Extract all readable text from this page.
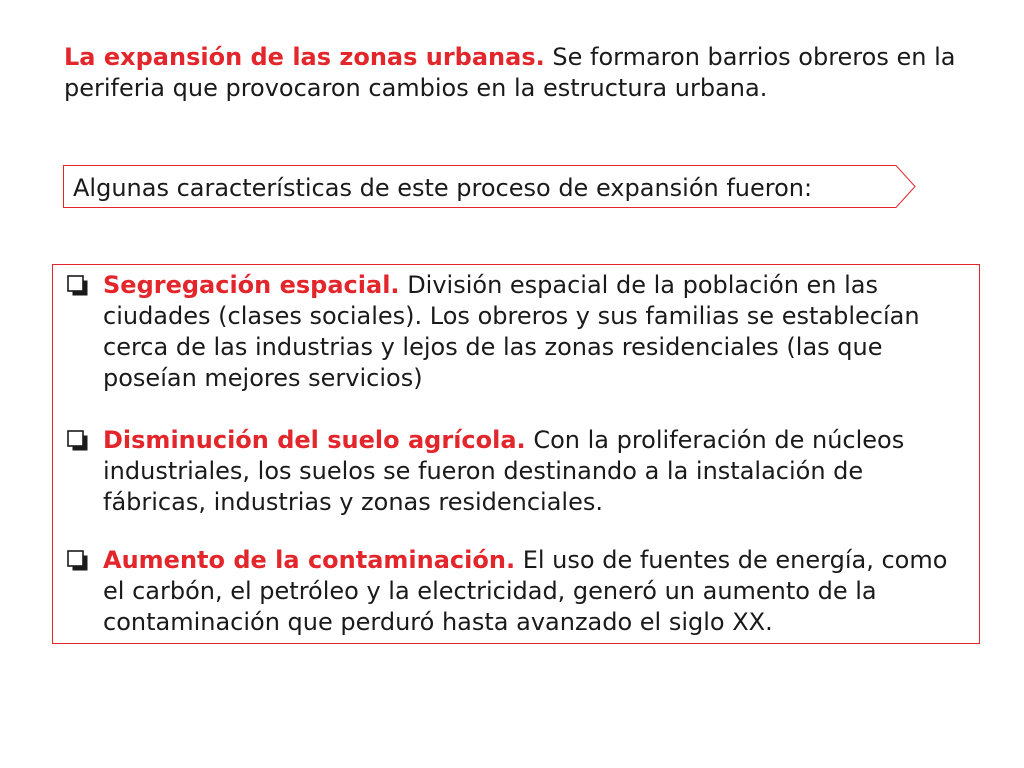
La expansión de las zonas urbanas. Se formaron barrios obreros en la periferia que provocaron cambios en la estructura urbana.

Algunas características de este proceso de expansión fueron:
Segregación espacial. División espacial de la población en las ciudades (clases sociales). Los obreros y sus familias se establecían cerca de las industrias y lejos de las zonas residenciales (las que poseían mejores servicios)
Disminución del suelo agrícola. Con la proliferación de núcleos industriales, los suelos se fueron destinando a la instalación de fábricas, industrias y zonas residenciales.
Aumento de la contaminación. El uso de fuentes de energía, como el carbón, el petróleo y la electricidad, generó un aumento de la contaminación que perduró hasta avanzado el siglo XX.
